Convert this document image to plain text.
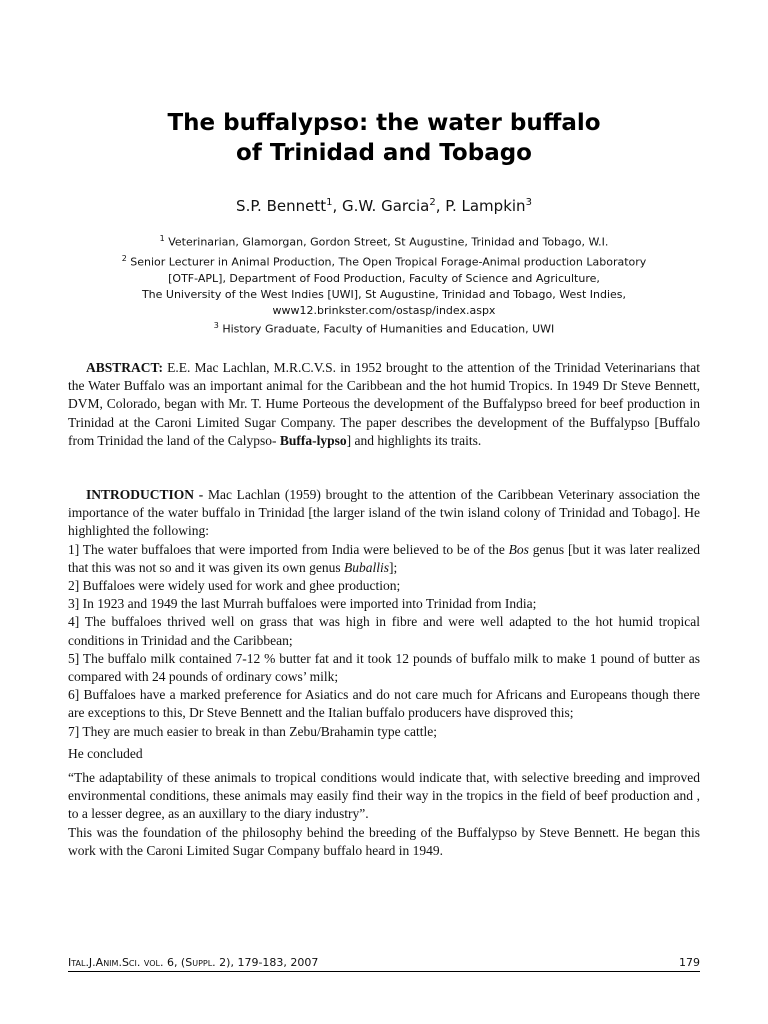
The buffalypso: the water buffalo
of Trinidad and Tobago
S.P. Bennett$^1$, G.W. Garcia$^2$, P. Lampkin$^3$
$^1$ Veterinarian, Glamorgan, Gordon Street, St Augustine, Trinidad and Tobago, W.I.
$^2$ Senior Lecturer in Animal Production, The Open Tropical Forage-Animal production Laboratory
[OTF-APL], Department of Food Production, Faculty of Science and Agriculture,
The University of the West Indies [UWI], St Augustine, Trinidad and Tobago, West Indies,
www12.brinkster.com/ostasp/index.aspx
$^3$ History Graduate, Faculty of Humanities and Education, UWI

ABSTRACT: E.E. Mac Lachlan, M.R.C.V.S. in 1952 brought to the attention of the Trinidad Veterinarians that the Water Buffalo was an important animal for the Caribbean and the hot humid Tropics. In 1949 Dr Steve Bennett, DVM, Colorado, began with Mr. T. Hume Porteous the development of the Buffalypso breed for beef production in Trinidad at the Caroni Limited Sugar Company. The paper describes the development of the Buffalypso [Buffalo from Trinidad the land of the Calypso- Buffa-lypso] and highlights its traits.

INTRODUCTION - Mac Lachlan (1959) brought to the attention of the Caribbean Veterinary association the importance of the water buffalo in Trinidad [the larger island of the twin island colony of Trinidad and Tobago]. He highlighted the following:

1] The water buffaloes that were imported from India were believed to be of the Bos genus [but it was later realized that this was not so and it was given its own genus Buballis];

2] Buffaloes were widely used for work and ghee production;

3] In 1923 and 1949 the last Murrah buffaloes were imported into Trinidad from India;

4] The buffaloes thrived well on grass that was high in fibre and were well adapted to the hot humid tropical conditions in Trinidad and the Caribbean;

5] The buffalo milk contained 7-12 % butter fat and it took 12 pounds of buffalo milk to make 1 pound of butter as compared with 24 pounds of ordinary cows’ milk;

6] Buffaloes have a marked preference for Asiatics and do not care much for Africans and Europeans though there are exceptions to this, Dr Steve Bennett and the Italian buffalo producers have disproved this;

7] They are much easier to break in than Zebu/Brahamin type cattle;

He concluded

“The adaptability of these animals to tropical conditions would indicate that, with selective breeding and improved environmental conditions, these animals may easily find their way in the tropics in the field of beef production and , to a lesser degree, as an auxillary to the diary industry”.

This was the foundation of the philosophy behind the breeding of the Buffalypso by Steve Bennett. He began this work with the Caroni Limited Sugar Company buffalo heard in 1949.

Ital.J.Anim.Sci. vol. 6, (Suppl. 2), 179-183, 2007	179
